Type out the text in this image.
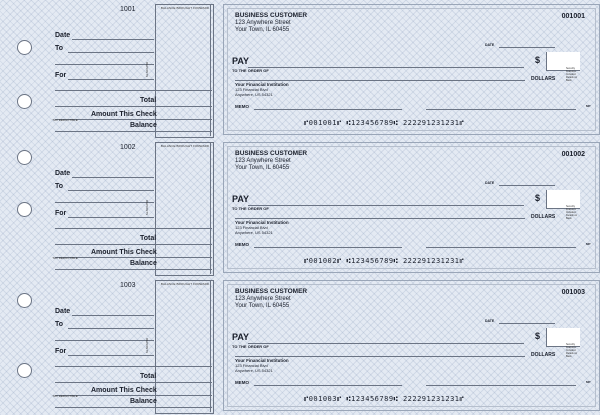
1001	BALANCE BROUGHT FORWARD
Date
To
For	DEPOSITS
Total
Amount This Check
TAX DEDUCTIBLE
Balance
BUSINESS CUSTOMER
123 Anywhere Street
Your Town, IL 60455
001001
DATE
PAY
TO THE ORDER OF
$
DOLLARS
Security Features Included. Details on Back.
Your Financial Institution
123 Financial Blvd
Anywhere, US 54321
MEMO	MP
⑈001001⑈ ⑆123456789⑆ 222291231231⑈
1002	BALANCE BROUGHT FORWARD
Date
To
For	DEPOSITS
Total
Amount This Check
TAX DEDUCTIBLE
Balance
BUSINESS CUSTOMER
123 Anywhere Street
Your Town, IL 60455
001002
DATE
PAY
TO THE ORDER OF
$
DOLLARS
Security Features Included. Details on Back.
Your Financial Institution
123 Financial Blvd
Anywhere, US 54321
MEMO	MP
⑈001002⑈ ⑆123456789⑆ 222291231231⑈
1003	BALANCE BROUGHT FORWARD
Date
To
For	DEPOSITS
Total
Amount This Check
TAX DEDUCTIBLE
Balance
BUSINESS CUSTOMER
123 Anywhere Street
Your Town, IL 60455
001003
DATE
PAY
TO THE ORDER OF
$
DOLLARS
Security Features Included. Details on Back.
Your Financial Institution
123 Financial Blvd
Anywhere, US 54321
MEMO	MP
⑈001003⑈ ⑆123456789⑆ 222291231231⑈
